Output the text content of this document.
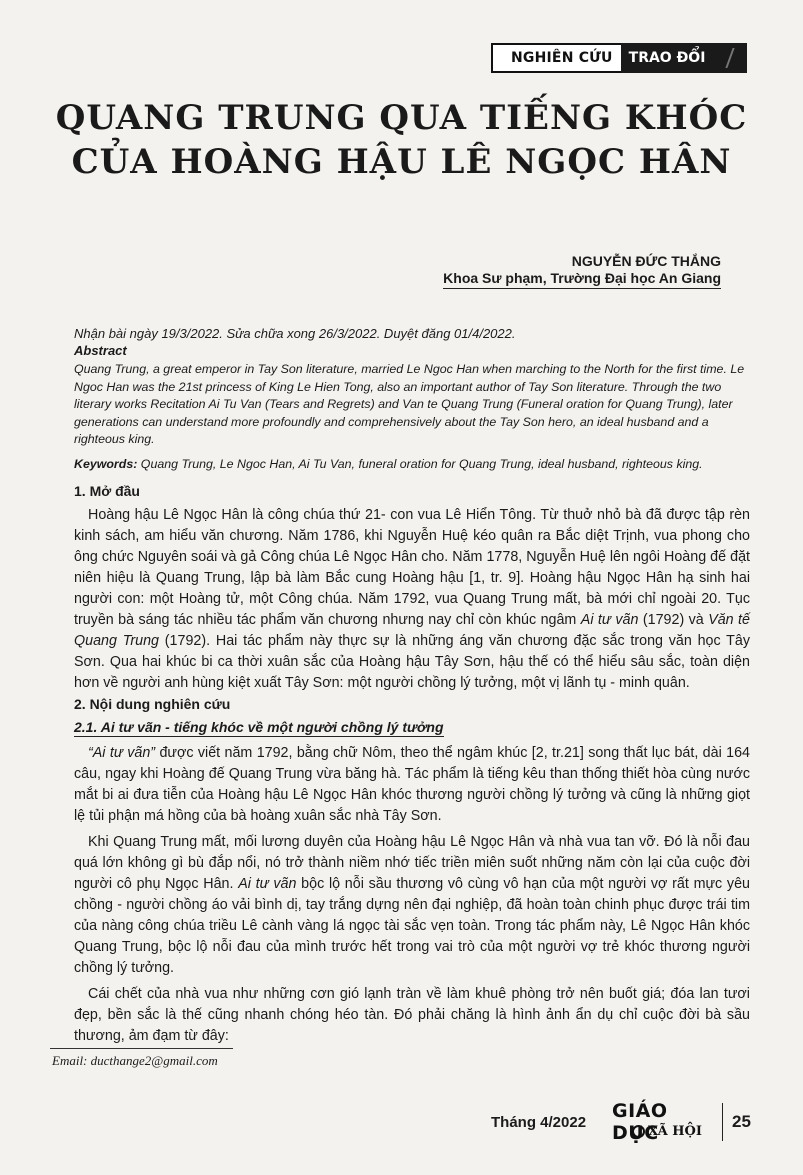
NGHIÊN CỨU	TRAO ĐỔI
QUANG TRUNG QUA TIẾNG KHÓC
CỦA HOÀNG HẬU LÊ NGỌC HÂN
NGUYỄN ĐỨC THẮNG
Khoa Sư phạm, Trường Đại học An Giang
Nhận bài ngày 19/3/2022. Sửa chữa xong 26/3/2022. Duyệt đăng 01/4/2022.
Abstract
Quang Trung, a great emperor in Tay Son literature, married Le Ngoc Han when marching to the North for the first time. Le Ngoc Han was the 21st princess of King Le Hien Tong, also an important author of Tay Son literature. Through the two literary works Recitation Ai Tu Van (Tears and Regrets) and Van te Quang Trung (Funeral oration for Quang Trung), later generations can understand more profoundly and comprehensively about the Tay Son hero, an ideal husband and a righteous king.
Keywords: Quang Trung, Le Ngoc Han, Ai Tu Van, funeral oration for Quang Trung, ideal husband, righteous king.
1. Mở đầu
Hoàng hậu Lê Ngọc Hân là công chúa thứ 21- con vua Lê Hiển Tông. Từ thuở nhỏ bà đã được tập rèn kinh sách, am hiểu văn chương. Năm 1786, khi Nguyễn Huệ kéo quân ra Bắc diệt Trịnh, vua phong cho ông chức Nguyên soái và gả Công chúa Lê Ngọc Hân cho. Năm 1778, Nguyễn Huệ lên ngôi Hoàng đế đặt niên hiệu là Quang Trung, lập bà làm Bắc cung Hoàng hậu [1, tr. 9]. Hoàng hậu Ngọc Hân hạ sinh hai người con: một Hoàng tử, một Công chúa. Năm 1792, vua Quang Trung mất, bà mới chỉ ngoài 20. Tục truyền bà sáng tác nhiều tác phẩm văn chương nhưng nay chỉ còn khúc ngâm Ai tư vãn (1792) và Văn tế Quang Trung (1792). Hai tác phẩm này thực sự là những áng văn chương đặc sắc trong văn học Tây Sơn. Qua hai khúc bi ca thời xuân sắc của Hoàng hậu Tây Sơn, hậu thế có thể hiểu sâu sắc, toàn diện hơn về người anh hùng kiệt xuất Tây Sơn: một người chồng lý tưởng, một vị lãnh tụ - minh quân.
2. Nội dung nghiên cứu
2.1. Ai tư vãn - tiếng khóc về một người chồng lý tưởng
“Ai tư vãn” được viết năm 1792, bằng chữ Nôm, theo thể ngâm khúc [2, tr.21] song thất lục bát, dài 164 câu, ngay khi Hoàng đế Quang Trung vừa băng hà. Tác phẩm là tiếng kêu than thống thiết hòa cùng nước mắt bi ai đưa tiễn của Hoàng hậu Lê Ngọc Hân khóc thương người chồng lý tưởng và cũng là những giọt lệ tủi phận má hồng của bà hoàng xuân sắc nhà Tây Sơn.
Khi Quang Trung mất, mối lương duyên của Hoàng hậu Lê Ngọc Hân và nhà vua tan vỡ. Đó là nỗi đau quá lớn không gì bù đắp nổi, nó trở thành niềm nhớ tiếc triền miên suốt những năm còn lại của cuộc đời người cô phụ Ngọc Hân. Ai tư vãn bộc lộ nỗi sầu thương vô cùng vô hạn của một người vợ rất mực yêu chồng - người chồng áo vải bình dị, tay trắng dựng nên đại nghiệp, đã hoàn toàn chinh phục được trái tim của nàng công chúa triều Lê cành vàng lá ngọc tài sắc vẹn toàn. Trong tác phẩm này, Lê Ngọc Hân khóc Quang Trung, bộc lộ nỗi đau của mình trước hết trong vai trò của một người vợ trẻ khóc thương người chồng lý tưởng.
Cái chết của nhà vua như những cơn gió lạnh tràn về làm khuê phòng trở nên buốt giá; đóa lan tươi đẹp, bền sắc là thế cũng nhanh chóng héo tàn. Đó phải chăng là hình ảnh ẩn dụ chỉ cuộc đời bà sầu thương, ảm đạm từ đây:
Email: ducthange2@gmail.com
Tháng 4/2022
GIÁO DỤC
XÃ HỘI
25
